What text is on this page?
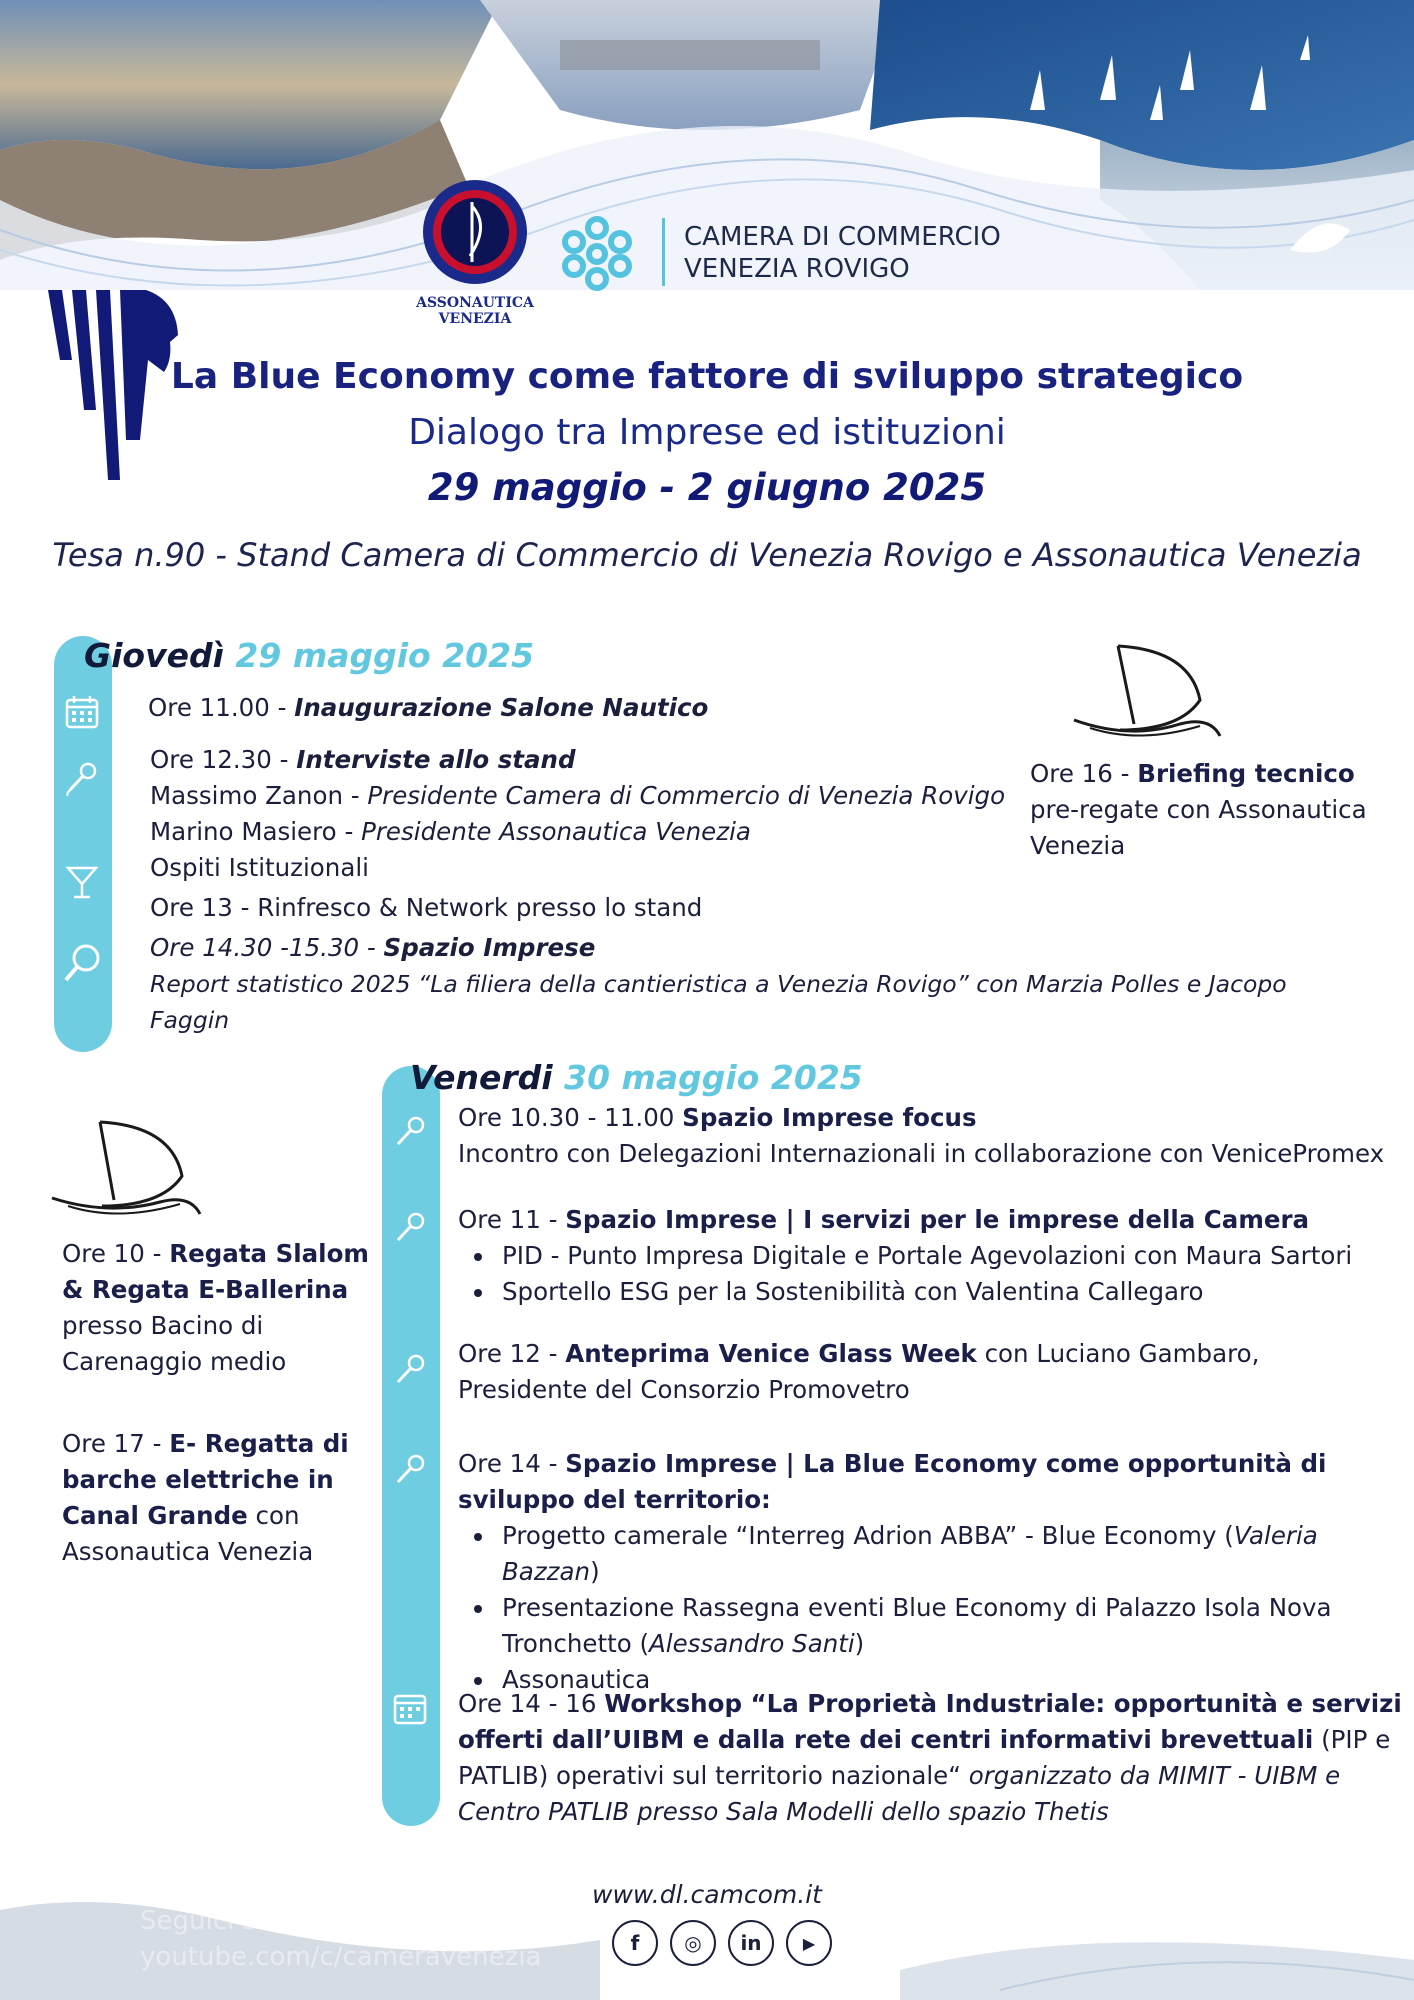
ASSONAUTICA
VENEZIA
CAMERA DI COMMERCIO
VENEZIA ROVIGO
La Blue Economy come fattore di sviluppo strategico
Dialogo tra Imprese ed istituzioni
29 maggio - 2 giugno 2025
Tesa n.90 - Stand Camera di Commercio di Venezia Rovigo e Assonautica Venezia
Giovedì 29 maggio 2025
Ore 11.00 - Inaugurazione Salone Nautico
Ore 12.30 - Interviste allo stand
Massimo Zanon - Presidente Camera di Commercio di Venezia Rovigo
Marino Masiero - Presidente Assonautica Venezia
Ospiti Istituzionali
Ore 13 - Rinfresco & Network presso lo stand
Ore 14.30 -15.30 - Spazio Imprese
Report statistico 2025 “La filiera della cantieristica a Venezia Rovigo” con Marzia Polles e Jacopo Faggin
Ore 16 - Briefing tecnico
pre-regate con Assonautica Venezia
Venerdi 30 maggio 2025
Ore 10 - Regata Slalom & Regata E-Ballerina presso Bacino di Carenaggio medio
Ore 17 - E- Regatta di barche elettriche in Canal Grande con Assonautica Venezia
Ore 10.30 - 11.00 Spazio Imprese focus
Incontro con Delegazioni Internazionali in collaborazione con VenicePromex
Ore 11 - Spazio Imprese | I servizi per le imprese della Camera
PID - Punto Impresa Digitale e Portale Agevolazioni con Maura Sartori
Sportello ESG per la Sostenibilità con Valentina Callegaro
Ore 12 - Anteprima Venice Glass Week con Luciano Gambaro,
Presidente del Consorzio Promovetro
Ore 14 - Spazio Imprese | La Blue Economy come opportunità di sviluppo del territorio:
Progetto camerale “Interreg Adrion ABBA” - Blue Economy (Valeria Bazzan)
Presentazione Rassegna eventi Blue Economy di Palazzo Isola Nova Tronchetto (Alessandro Santi)
Assonautica
Ore 14 - 16 Workshop “La Proprietà Industriale: opportunità e servizi offerti dall’UIBM e dalla rete dei centri informativi brevettuali (PIP e PATLIB) operativi sul territorio nazionale“ organizzato da MIMIT - UIBM e Centro PATLIB presso Sala Modelli dello spazio Thetis
Seguici sui nostri canali social
youtube.com/c/cameravenezia
www.dl.camcom.it
f	◎	in	▶
